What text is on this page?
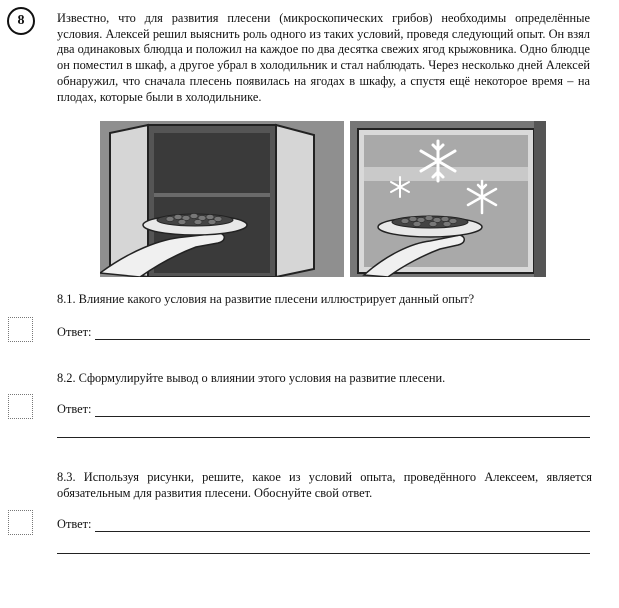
8	Известно, что для развития плесени (микроскопических грибов) необходимы определённые условия. Алексей решил выяснить роль одного из таких условий, проведя следующий опыт. Он взял два одинаковых блюдца и положил на каждое по два десятка свежих ягод крыжовника. Одно блюдце он поместил в шкаф, а другое убрал в холодильник и стал наблюдать. Через несколько дней Алексей обнаружил, что сначала плесень появилась на ягодах в шкафу, а спустя ещё некоторое время – на плодах, которые были в холодильнике.
8.1. Влияние какого условия на развитие плесени иллюстрирует данный опыт?
Ответ:
8.2. Сформулируйте вывод о влиянии этого условия на развитие плесени.
Ответ:
8.3. Используя рисунки, решите, какое из условий опыта, проведённого Алексеем, является обязательным для развития плесени. Обоснуйте свой ответ.
Ответ:
